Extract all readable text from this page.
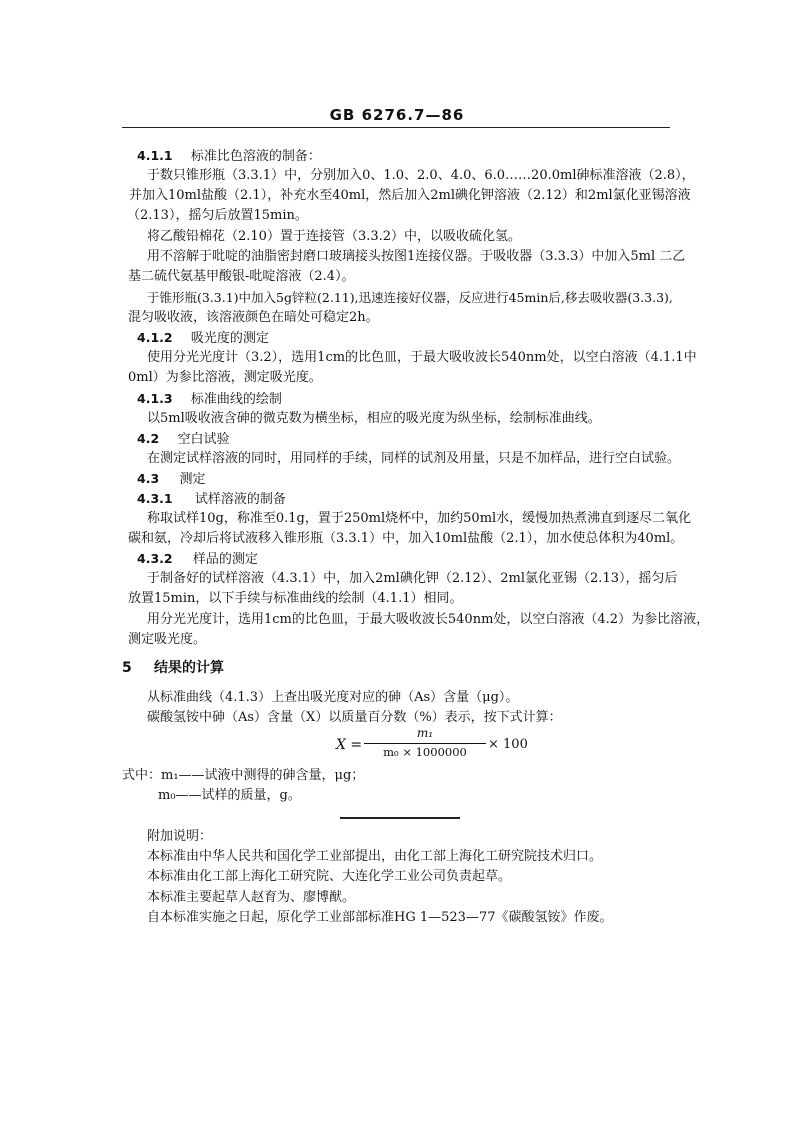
GB 6276.7—86
4.1.1 标准比色溶液的制备：
于数只锥形瓶（3.3.1）中，分别加入0、1.0、2.0、4.0、6.0……20.0ml砷标准溶液（2.8），
并加入10ml盐酸（2.1），补充水至40ml，然后加入2ml碘化钾溶液（2.12）和2ml氯化亚锡溶液
（2.13），摇匀后放置15min。
将乙酸铅棉花（2.10）置于连接管（3.3.2）中，以吸收硫化氢。
用不溶解于吡啶的油脂密封磨口玻璃接头按图1连接仪器。于吸收器（3.3.3）中加入5ml 二乙
基二硫代氨基甲酸银-吡啶溶液（2.4）。
于锥形瓶(3.3.1)中加入5g锌粒(2.11),迅速连接好仪器，反应进行45min后,移去吸收器(3.3.3),
混匀吸收液，该溶液颜色在暗处可稳定2h。
4.1.2 吸光度的测定
使用分光光度计（3.2），选用1cm的比色皿，于最大吸收波长540nm处，以空白溶液（4.1.1中
0ml）为参比溶液，测定吸光度。
4.1.3 标准曲线的绘制
以5ml吸收液含砷的微克数为横坐标，相应的吸光度为纵坐标，绘制标准曲线。
4.2 空白试验
在测定试样溶液的同时，用同样的手续，同样的试剂及用量，只是不加样品，进行空白试验。
4.3 测定
4.3.1 试样溶液的制备
称取试样10g，称准至0.1g，置于250ml烧杯中，加约50ml水，缓慢加热煮沸直到逐尽二氧化
碳和氨，冷却后将试液移入锥形瓶（3.3.1）中，加入10ml盐酸（2.1），加水使总体积为40ml。
4.3.2 样品的测定
于制备好的试样溶液（4.3.1）中，加入2ml碘化钾（2.12）、2ml氯化亚锡（2.13），摇匀后
放置15min，以下手续与标准曲线的绘制（4.1.1）相同。
用分光光度计，选用1cm的比色皿，于最大吸收波长540nm处，以空白溶液（4.2）为参比溶液，
测定吸光度。
5 结果的计算
从标准曲线（4.1.3）上查出吸光度对应的砷（As）含量（μg）。
碳酸氢铵中砷（As）含量（X）以质量百分数（%）表示，按下式计算：
X =
m₁
m₀ × 1000000	× 100
式中：m₁——试液中测得的砷含量，μg；
m₀——试样的质量，g。
附加说明：
本标准由中华人民共和国化学工业部提出，由化工部上海化工研究院技术归口。
本标准由化工部上海化工研究院、大连化学工业公司负责起草。
本标准主要起草人赵育为、廖博猷。
自本标准实施之日起，原化学工业部部标准HG 1—523—77《碳酸氢铵》作废。
